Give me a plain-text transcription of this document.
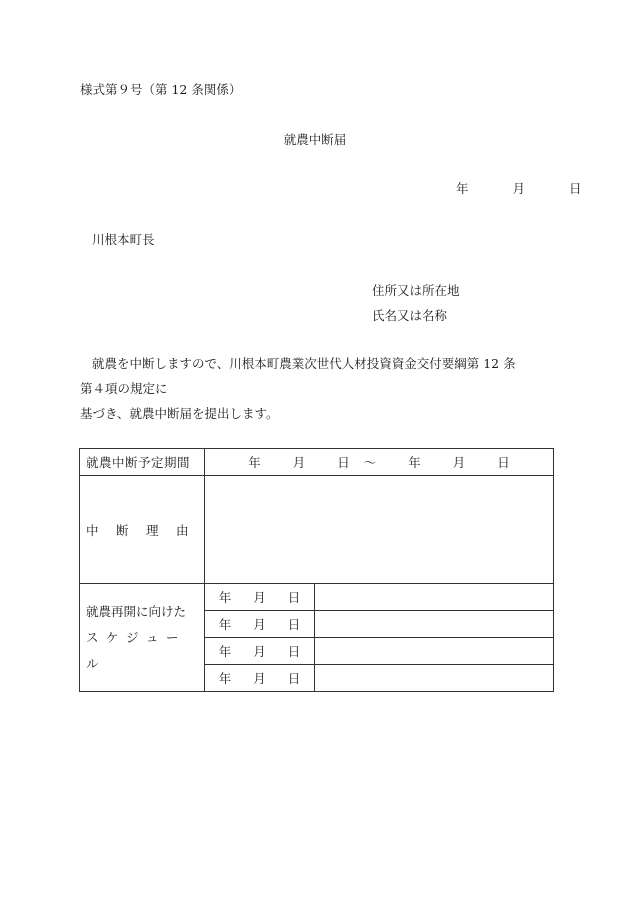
様式第９号（第 12 条関係）
就農中断届
年	月	日
川根本町長
住所又は所在地
氏名又は名称
就農を中断しますので、川根本町農業次世代人材投資資金交付要綱第 12 条
第４項の規定に
基づき、就農中断届を提出します。
就農中断予定期間	年 月 日 ～ 年 月 日	
中 断 理 由		

就農再開に向けた
ス ケ ジ ュ ール	年 月 日	
	年 月 日	
	年 月 日	
	年 月 日	
